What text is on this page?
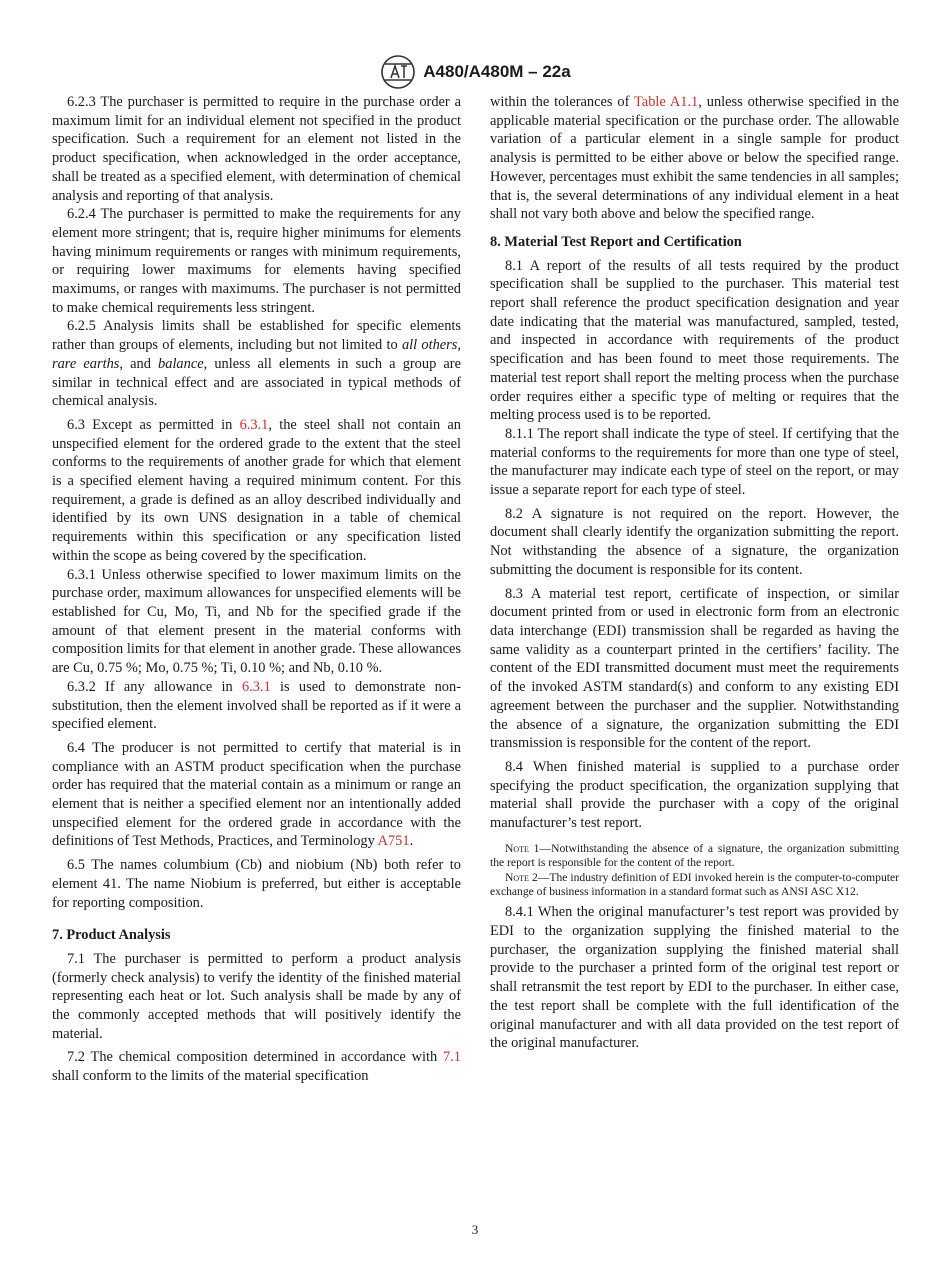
A480/A480M – 22a

6.2.3 The purchaser is permitted to require in the purchase order a maximum limit for an individual element not specified in the product specification. Such a requirement for an element not listed in the product specification, when acknowledged in the order acceptance, shall be treated as a specified element, with determination of chemical analysis and reporting of that analysis.

6.2.4 The purchaser is permitted to make the requirements for any element more stringent; that is, require higher minimums for elements having minimum requirements or ranges with minimum requirements, or requiring lower maximums for elements having specified maximums, or ranges with maximums. The purchaser is not permitted to make chemical requirements less stringent.

6.2.5 Analysis limits shall be established for specific elements rather than groups of elements, including but not limited to all others, rare earths, and balance, unless all elements in such a group are similar in technical effect and are associated in typical methods of chemical analysis.

6.3 Except as permitted in 6.3.1, the steel shall not contain an unspecified element for the ordered grade to the extent that the steel conforms to the requirements of another grade for which that element is a specified element having a required minimum content. For this requirement, a grade is defined as an alloy described individually and identified by its own UNS designation in a table of chemical requirements within this specification or any specification listed within the scope as being covered by the specification.

6.3.1 Unless otherwise specified to lower maximum limits on the purchase order, maximum allowances for unspecified elements will be established for Cu, Mo, Ti, and Nb for the specified grade if the amount of that element present in the material conforms with composition limits for that element in another grade. These allowances are Cu, 0.75 %; Mo, 0.75 %; Ti, 0.10 %; and Nb, 0.10 %.

6.3.2 If any allowance in 6.3.1 is used to demonstrate non-substitution, then the element involved shall be reported as if it were a specified element.

6.4 The producer is not permitted to certify that material is in compliance with an ASTM product specification when the purchase order has required that the material contain as a minimum or range an element that is neither a specified element nor an intentionally added unspecified element for the ordered grade in accordance with the definitions of Test Methods, Practices, and Terminology A751.

6.5 The names columbium (Cb) and niobium (Nb) both refer to element 41. The name Niobium is preferred, but either is acceptable for reporting composition.

7. Product Analysis

7.1 The purchaser is permitted to perform a product analysis (formerly check analysis) to verify the identity of the finished material representing each heat or lot. Such analysis shall be made by any of the commonly accepted methods that will positively identify the material.

7.2 The chemical composition determined in accordance with 7.1 shall conform to the limits of the material specification

within the tolerances of Table A1.1, unless otherwise specified in the applicable material specification or the purchase order. The allowable variation of a particular element in a single sample for product analysis is permitted to be either above or below the specified range. However, percentages must exhibit the same tendencies in all samples; that is, the several determinations of any individual element in a heat shall not vary both above and below the specified range.

8. Material Test Report and Certification

8.1 A report of the results of all tests required by the product specification shall be supplied to the purchaser. This material test report shall reference the product specification designation and year date indicating that the material was manufactured, sampled, tested, and inspected in accordance with requirements of the product specification and has been found to meet those requirements. The material test report shall report the melting process when the purchase order requires either a specific type of melting or requires that the melting process used is to be reported.

8.1.1 The report shall indicate the type of steel. If certifying that the material conforms to the requirements for more than one type of steel, the manufacturer may indicate each type of steel on the report, or may issue a separate report for each type of steel.

8.2 A signature is not required on the report. However, the document shall clearly identify the organization submitting the report. Not withstanding the absence of a signature, the organization submitting the document is responsible for its content.

8.3 A material test report, certificate of inspection, or similar document printed from or used in electronic form from an electronic data interchange (EDI) transmission shall be regarded as having the same validity as a counterpart printed in the certifiers’ facility. The content of the EDI transmitted document must meet the requirements of the invoked ASTM standard(s) and conform to any existing EDI agreement between the purchaser and the supplier. Notwithstanding the absence of a signature, the organization submitting the EDI transmission is responsible for the content of the report.

8.4 When finished material is supplied to a purchase order specifying the product specification, the organization supplying that material shall provide the purchaser with a copy of the original manufacturer’s test report.

Note 1—Notwithstanding the absence of a signature, the organization submitting the report is responsible for the content of the report.
Note 2—The industry definition of EDI invoked herein is the computer-to-computer exchange of business information in a standard format such as ANSI ASC X12.

8.4.1 When the original manufacturer’s test report was provided by EDI to the organization supplying the finished material to the purchaser, the organization supplying the finished material shall provide to the purchaser a printed form of the original test report or shall retransmit the test report by EDI to the purchaser. In either case, the test report shall be complete with the full identification of the original manufacturer and with all data provided on the test report of the original manufacturer.

3
